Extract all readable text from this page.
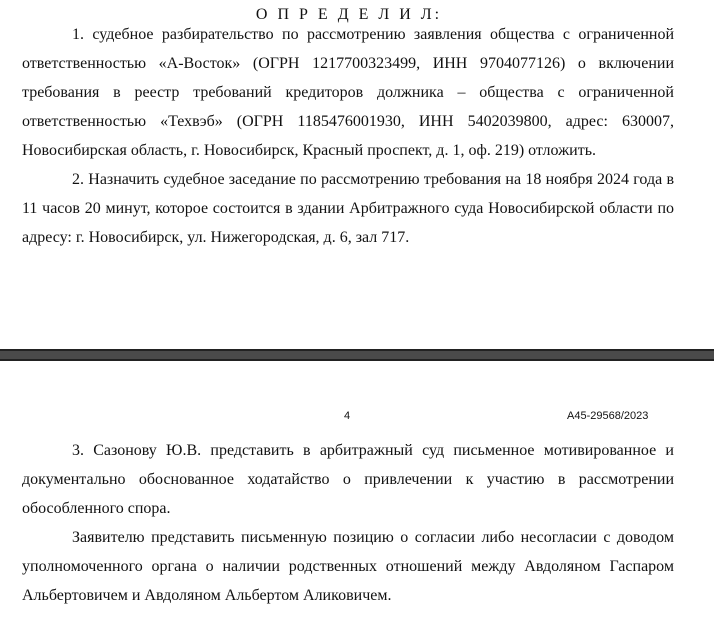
О П Р Е Д Е Л И Л:

1. судебное разбирательство по рассмотрению заявления общества с ограниченной ответственностью «А-Восток» (ОГРН 1217700323499, ИНН 9704077126) о включении требования в реестр требований кредиторов должника – общества с ограниченной ответственностью «Техвэб» (ОГРН 1185476001930, ИНН 5402039800, адрес: 630007, Новосибирская область, г. Новосибирск, Красный проспект, д. 1, оф. 219) отложить.

2. Назначить судебное заседание по рассмотрению требования на 18 ноября 2024 года в 11 часов 20 минут, которое состоится в здании Арбитражного суда Новосибирской области по адресу: г. Новосибирск, ул. Нижегородская, д. 6, зал 717.

4	А45-29568/2023

3. Сазонову Ю.В. представить в арбитражный суд письменное мотивированное и документально обоснованное ходатайство о привлечении к участию в рассмотрении обособленного спора.

Заявителю представить письменную позицию о согласии либо несогласии с доводом уполномоченного органа о наличии родственных отношений между Авдоляном Гаспаром Альбертовичем и Авдоляном Альбертом Аликовичем.
